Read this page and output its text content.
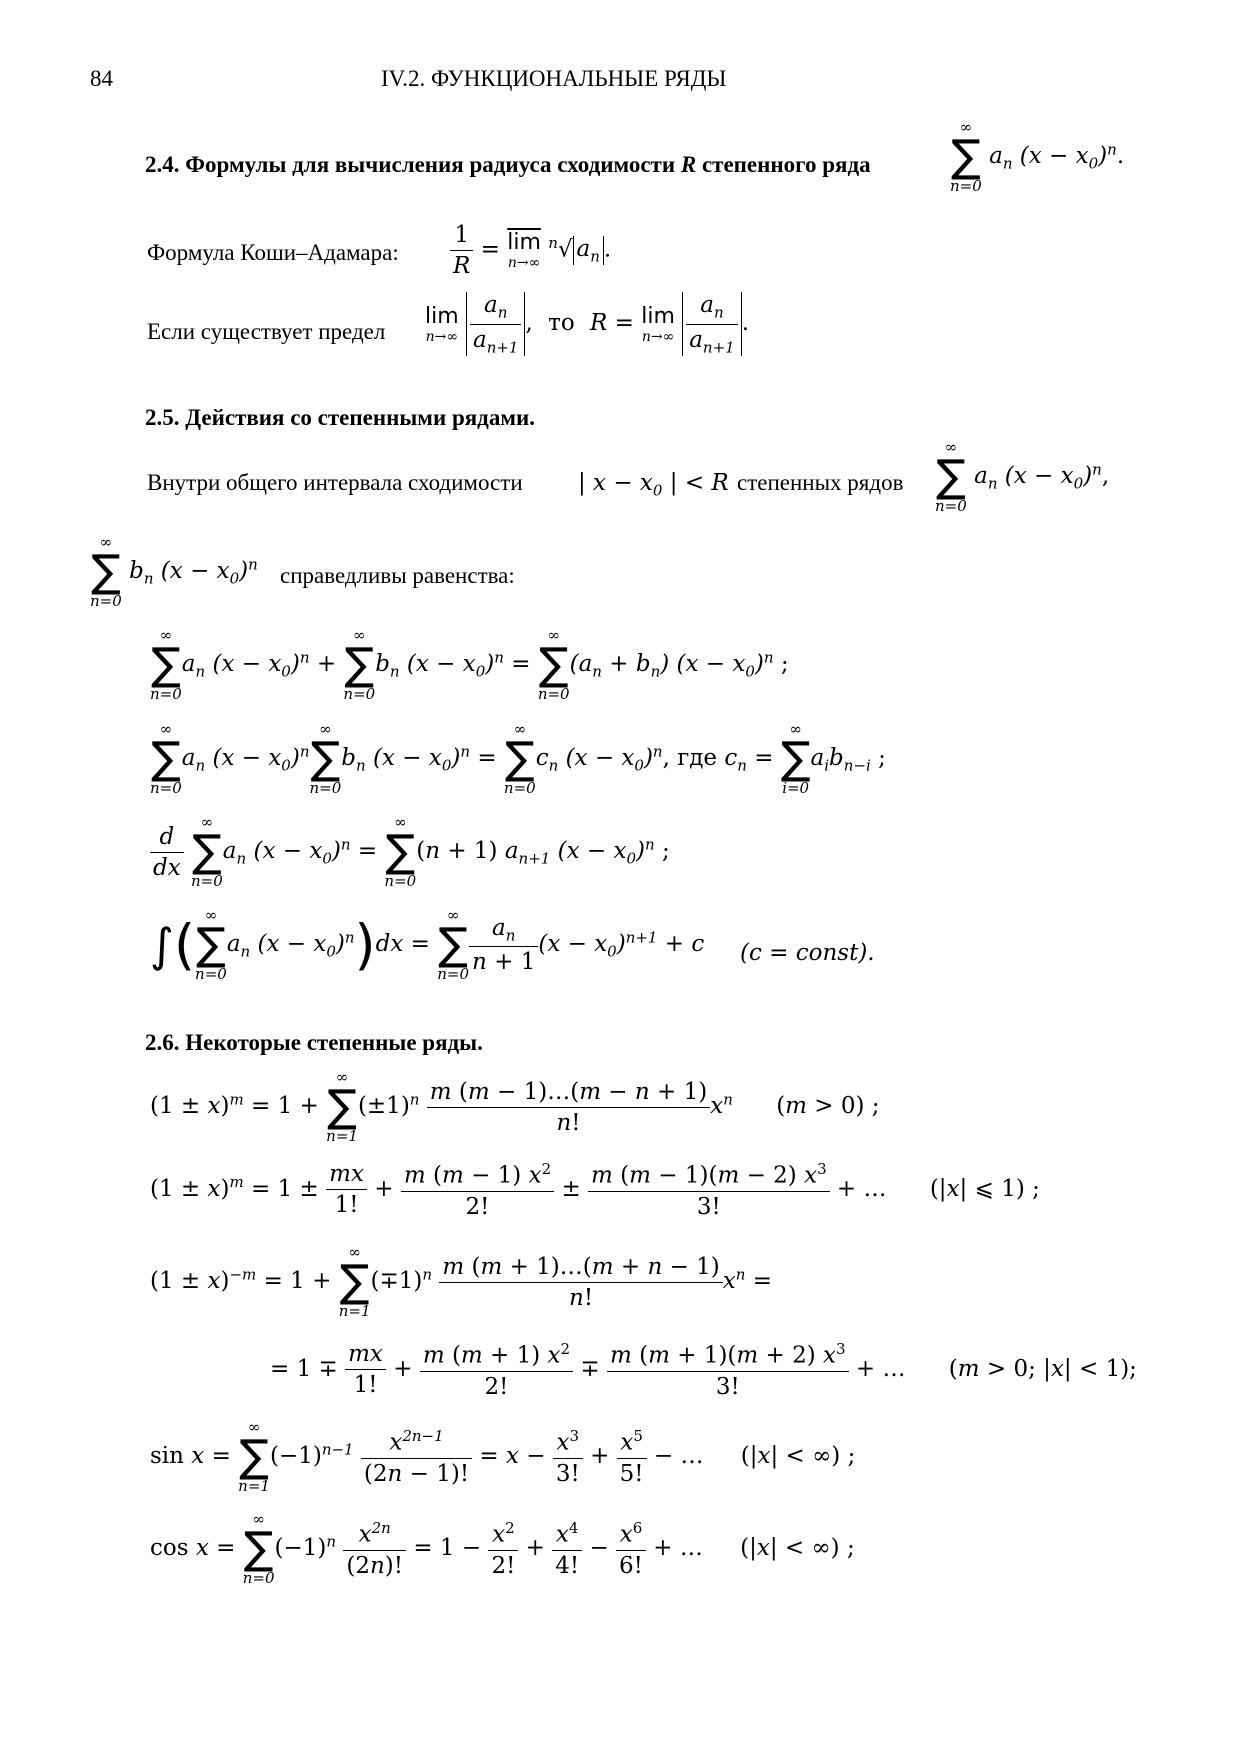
84	IV.2. ФУНКЦИОНАЛЬНЫЕ РЯДЫ
2.4. Формулы для вычисления радиуса сходимости R степенного ряда
∞
∑
n=0
$a_n$ $(x - x_0)^n$.
Формула Коши–Адамара: $\frac{1}{R} = \overline{lim}$
n→∞
$^n$√ $a_n$ .
Если существует предел
lim
n→∞
$\frac{a_n}{a_{n+1}}$ , то R = lim
n→∞
$\frac{a_n}{a_{n+1}}$ .
2.5. Действия со степенными рядами.
Внутри общего интервала сходимости | $x - x_0$ | < R степенных рядов
∞
∑
n=0
$a_n$ $(x - x_0)^n$,
∞
∑
n=0
$b_n$ $(x - x_0)^n$ справедливы равенства:
∞
∑
n=0
$a_n$ $(x - x_0)^n$ +
∞
∑
n=0
$b_n$ $(x - x_0)^n$ =
∞
∑
n=0
$(a_n + b_n) (x - x_0)^n$ ;
∞
∑
n=0
$a_n$ $(x - x_0)^n$
∞
∑
n=0
$b_n$ $(x - x_0)^n$ =
∞
∑
n=0
$c_n$ $(x - x_0)^n$, где $c_n$ =
∞
∑
i=0
$a_ib_{n-i}$ ;
$\frac{d}{dx}$

∞
∑
n=0
$a_n$ $(x - x_0)^n$ =
∞
∑
n=0
(n + 1) $a_{n+1}$ $(x - x_0)^n$ ;
∫( ∞
∑
n=0
$a_n$ $(x - x_0)^n)dx$ =
∞
∑
$n=0 \frac{a_n}{n + 1} (x - x_0)^{n+1} + c$ (c = const).
2.6. Некоторые степенные ряды.
$(1 \pm x)^m = 1$ +
∞
∑
n=1
$(\pm 1)^n \frac{m (m - 1)\dots(m - n + 1)}{n!} x^n$ (m > 0) ;
$(1 \pm x)^m = 1 \pm \frac{mx}{1!} + \frac{m (m - 1) x^2}{2!} \pm \frac{m (m - 1)(m - 2) x^3}{3!}$ + … (|x| ⩽ 1) ;
$(1 \pm x)^{-m} = 1$ +
∞
∑
n=1
$(\mp 1)^n \frac{m (m + 1)\dots(m + n - 1)}{n!} x^n$ =
= $1 \mp \frac{mx}{1!} + \frac{m (m + 1) x^2}{2!} \mp \frac{m (m + 1)(m + 2) x^3}{3!}$ + … (m > 0; |x| < 1);
sin x =
∞
∑
n=1
$(-1)^{n-1} \frac{x^{2n-1}}{(2n - 1)!} = x - \frac{x^3}{3!} + \frac{x^5}{5!}$ − … (|x| < ∞) ;
cos x =
∞
∑
n=0
$(-1)^n \frac{x^{2n}}{(2n)!} = 1 - \frac{x^2}{2!} + \frac{x^4}{4!} - \frac{x^6}{6!}$ + … (|x| < ∞) ;
